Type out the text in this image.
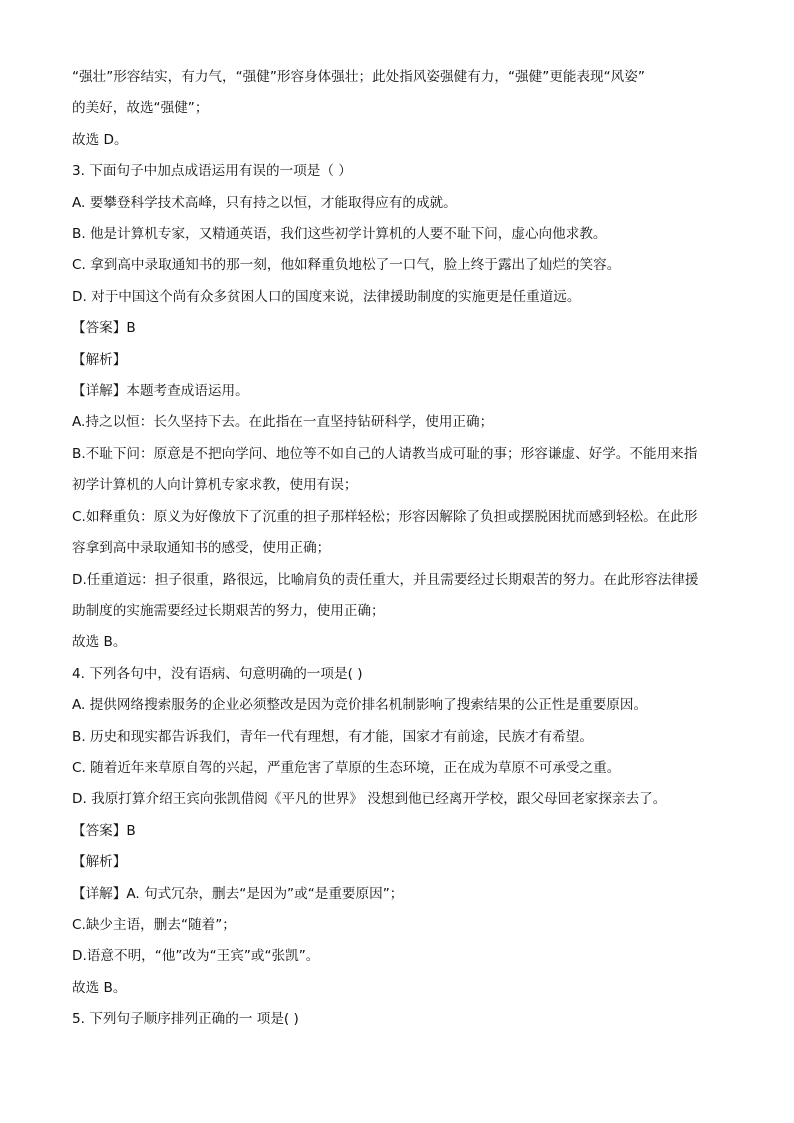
“强壮”形容结实，有力气，“强健”形容身体强壮；此处指风姿强健有力，“强健”更能表现“风姿”
的美好，故选“强健”；
故选 D。
3. 下面句子中加点成语运用有误的一项是（ ）
A. 要攀登科学技术高峰，只有持之以恒，才能取得应有的成就。
B. 他是计算机专家，又精通英语，我们这些初学计算机的人要不耻下问，虚心向他求教。
C. 拿到高中录取通知书的那一刻，他如释重负地松了一口气，脸上终于露出了灿烂的笑容。
D. 对于中国这个尚有众多贫困人口的国度来说，法律援助制度的实施更是任重道远。
【答案】B
【解析】
【详解】本题考查成语运用。
A.持之以恒：长久坚持下去。在此指在一直坚持钻研科学，使用正确；
B.不耻下问：原意是不把向学问、地位等不如自己的人请教当成可耻的事；形容谦虚、好学。不能用来指
初学计算机的人向计算机专家求教，使用有误；
C.如释重负：原义为好像放下了沉重的担子那样轻松；形容因解除了负担或摆脱困扰而感到轻松。在此形
容拿到高中录取通知书的感受，使用正确；
D.任重道远：担子很重，路很远，比喻肩负的责任重大，并且需要经过长期艰苦的努力。在此形容法律援
助制度的实施需要经过长期艰苦的努力，使用正确；
故选 B。
4. 下列各句中，没有语病、句意明确的一项是( )
A. 提供网络搜索服务的企业必须整改是因为竞价排名机制影响了搜索结果的公正性是重要原因。
B. 历史和现实都告诉我们，青年一代有理想，有才能，国家才有前途，民族才有希望。
C. 随着近年来草原自驾的兴起，严重危害了草原的生态环境，正在成为草原不可承受之重。
D. 我原打算介绍王宾向张凯借阅《平凡的世界》 没想到他已经离开学校，跟父母回老家探亲去了。
【答案】B
【解析】
【详解】A. 句式冗杂，删去“是因为”或“是重要原因”；
C.缺少主语，删去“随着”；
D.语意不明，“他”改为“王宾”或“张凯”。
故选 B。
5. 下列句子顺序排列正确的一 项是( )
